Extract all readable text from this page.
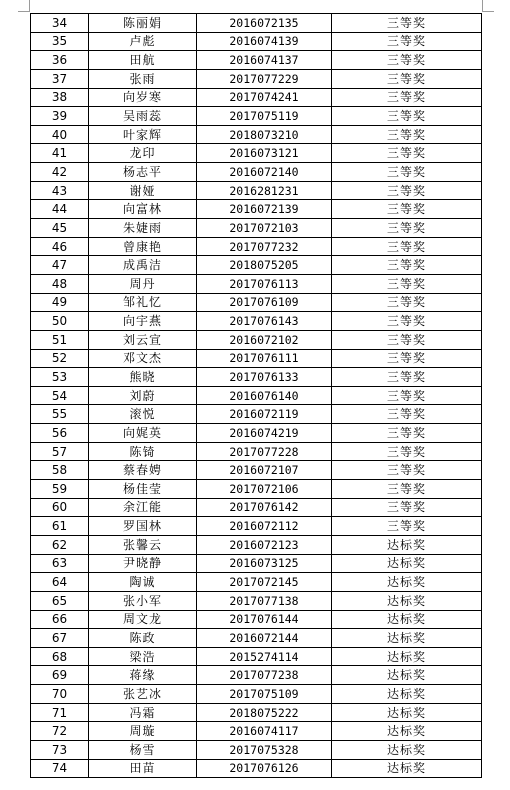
34	陈丽娟	2016072135	三等奖
35	卢彪	2016074139	三等奖
36	田航	2016074137	三等奖
37	张雨	2017077229	三等奖
38	向岁寒	2017074241	三等奖
39	吴雨蕊	2017075119	三等奖
40	叶家辉	2018073210	三等奖
41	龙印	2016073121	三等奖
42	杨志平	2016072140	三等奖
43	谢娅	2016281231	三等奖
44	向富林	2016072139	三等奖
45	朱婕雨	2017072103	三等奖
46	曾康艳	2017077232	三等奖
47	成禹洁	2018075205	三等奖
48	周丹	2017076113	三等奖
49	邹礼忆	2017076109	三等奖
50	向宇燕	2017076143	三等奖
51	刘云宣	2016072102	三等奖
52	邓文杰	2017076111	三等奖
53	熊晓	2017076133	三等奖
54	刘蔚	2016076140	三等奖
55	滚悦	2016072119	三等奖
56	向娓英	2016074219	三等奖
57	陈锜	2017077228	三等奖
58	蔡春娉	2016072107	三等奖
59	杨佳莹	2017072106	三等奖
60	余江能	2017076142	三等奖
61	罗国林	2016072112	三等奖
62	张馨云	2016072123	达标奖
63	尹晓静	2016073125	达标奖
64	陶诚	2017072145	达标奖
65	张小军	2017077138	达标奖
66	周文龙	2017076144	达标奖
67	陈政	2016072144	达标奖
68	梁浩	2015274114	达标奖
69	蒋缘	2017077238	达标奖
70	张艺冰	2017075109	达标奖
71	冯霜	2018075222	达标奖
72	周璇	2016074117	达标奖
73	杨雪	2017075328	达标奖
74	田苗	2017076126	达标奖
